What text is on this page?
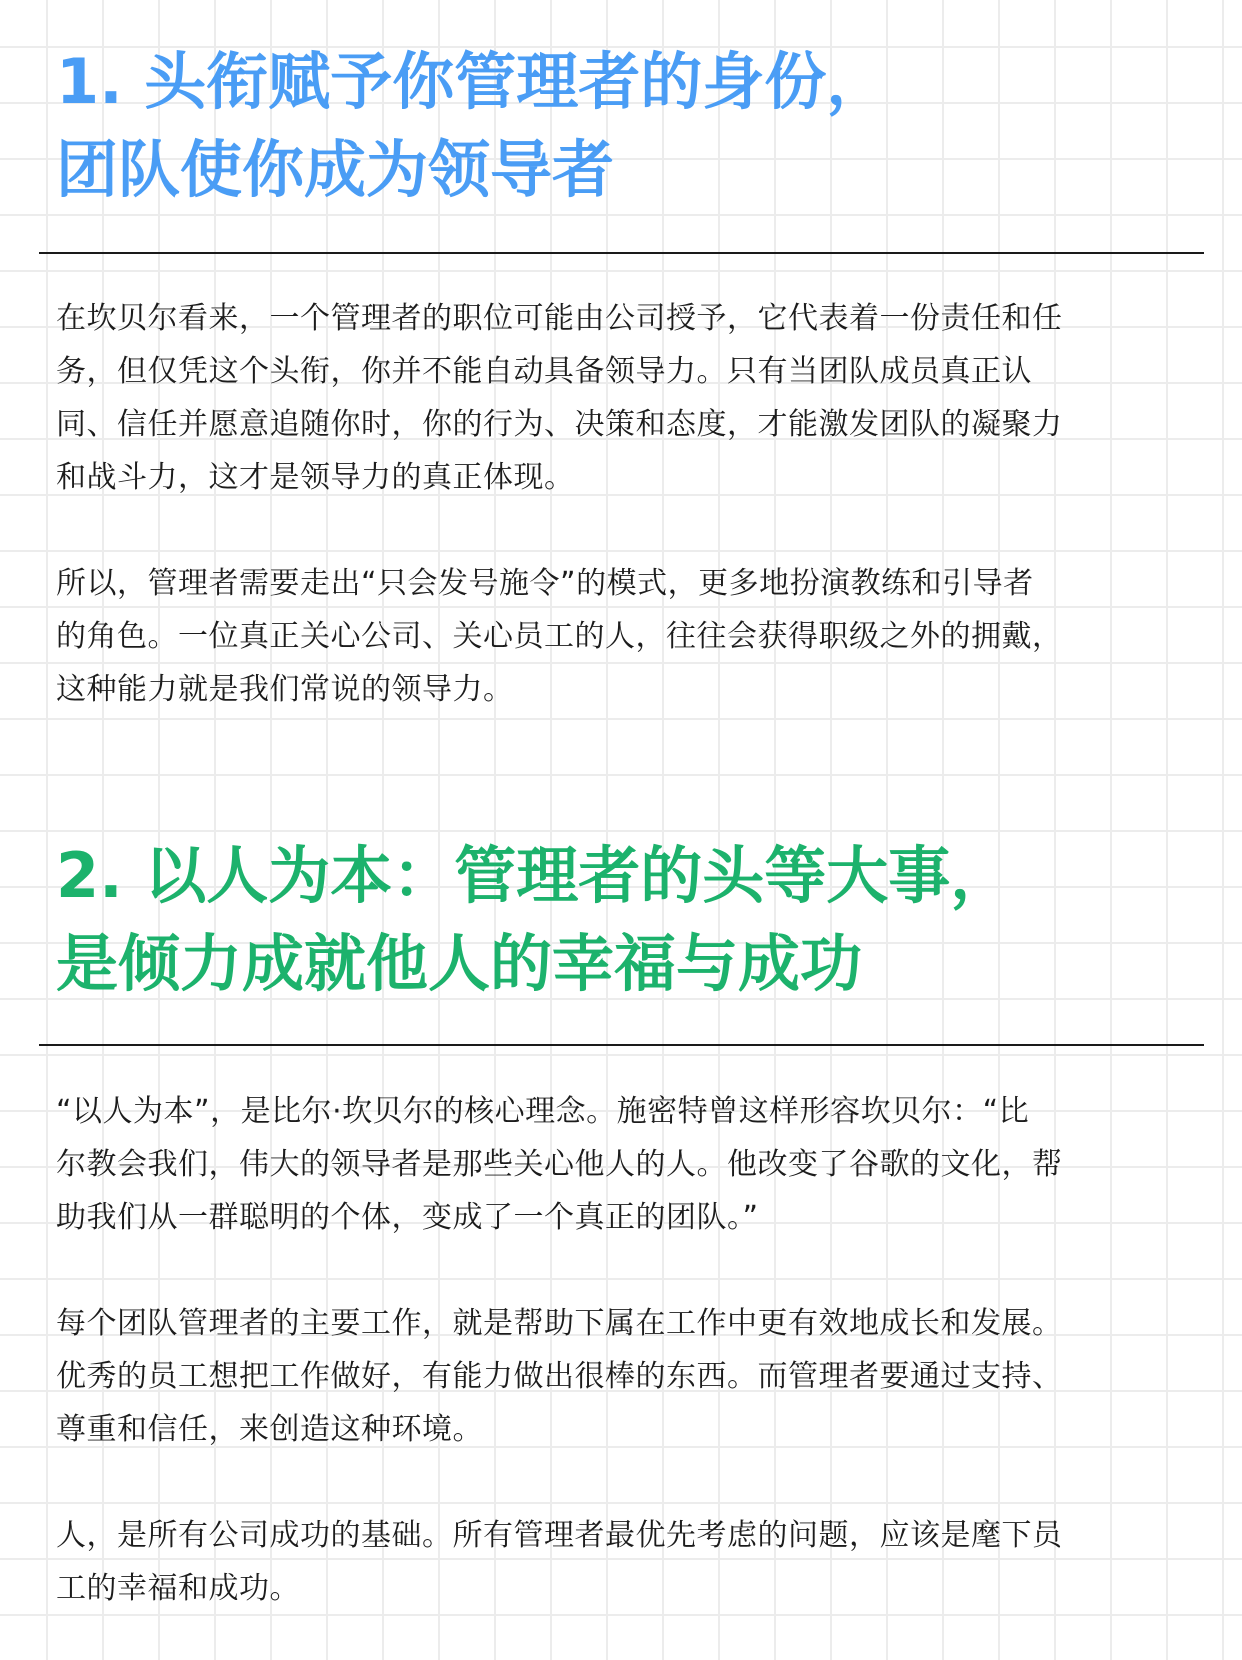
1. 头衔赋予你管理者的身份，
团队使你成为领导者

在坎贝尔看来，一个管理者的职位可能由公司授予，它代表着一份责任和任
务，但仅凭这个头衔，你并不能自动具备领导力。只有当团队成员真正认
同、信任并愿意追随你时，你的行为、决策和态度，才能激发团队的凝聚力
和战斗力，这才是领导力的真正体现。

所以，管理者需要走出“只会发号施令”的模式，更多地扮演教练和引导者
的角色。一位真正关心公司、关心员工的人，往往会获得职级之外的拥戴，
这种能力就是我们常说的领导力。

2. 以人为本：管理者的头等大事，
是倾力成就他人的幸福与成功

“以人为本”，是比尔·坎贝尔的核心理念。施密特曾这样形容坎贝尔：“比
尔教会我们，伟大的领导者是那些关心他人的人。他改变了谷歌的文化，帮
助我们从一群聪明的个体，变成了一个真正的团队。”

每个团队管理者的主要工作，就是帮助下属在工作中更有效地成长和发展。
优秀的员工想把工作做好，有能力做出很棒的东西。而管理者要通过支持、
尊重和信任，来创造这种环境。

人，是所有公司成功的基础。所有管理者最优先考虑的问题，应该是麾下员
工的幸福和成功。
